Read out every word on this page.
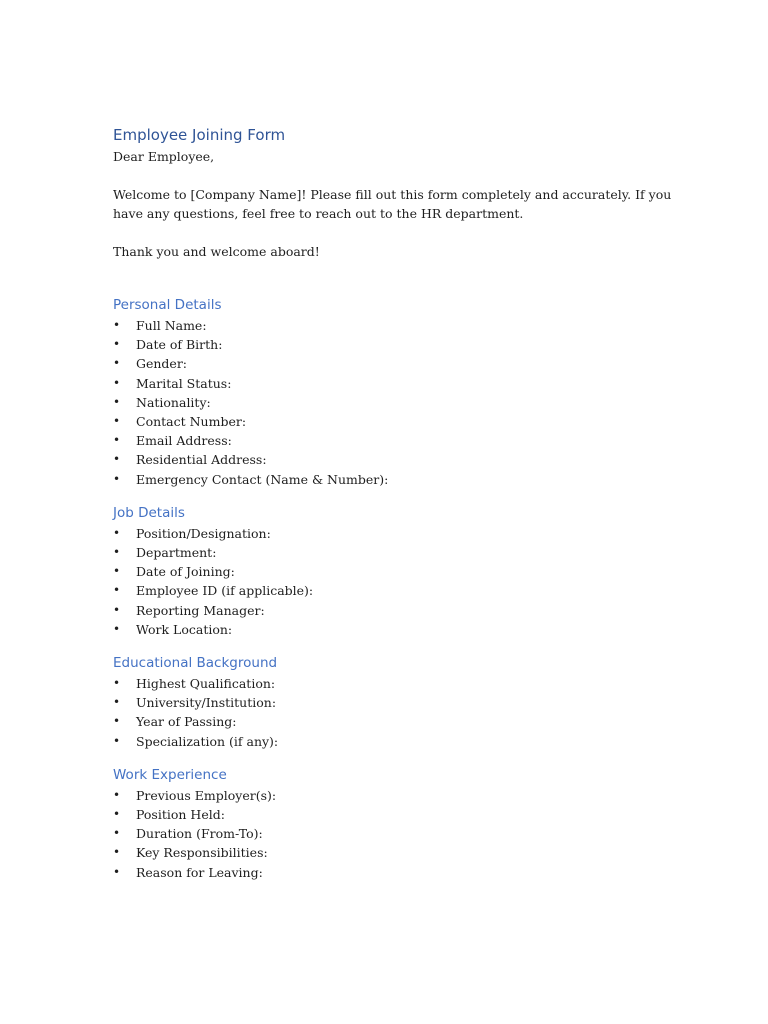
Employee Joining Form

Dear Employee,

Welcome to [Company Name]! Please fill out this form completely and accurately. If you have any questions, feel free to reach out to the HR department.

Thank you and welcome aboard!

Personal Details
• Full Name:
• Date of Birth:
• Gender:
• Marital Status:
• Nationality:
• Contact Number:
• Email Address:
• Residential Address:
• Emergency Contact (Name & Number):
Job Details
• Position/Designation:
• Department:
• Date of Joining:
• Employee ID (if applicable):
• Reporting Manager:
• Work Location:
Educational Background
• Highest Qualification:
• University/Institution:
• Year of Passing:
• Specialization (if any):
Work Experience
• Previous Employer(s):
• Position Held:
• Duration (From-To):
• Key Responsibilities:
• Reason for Leaving:
